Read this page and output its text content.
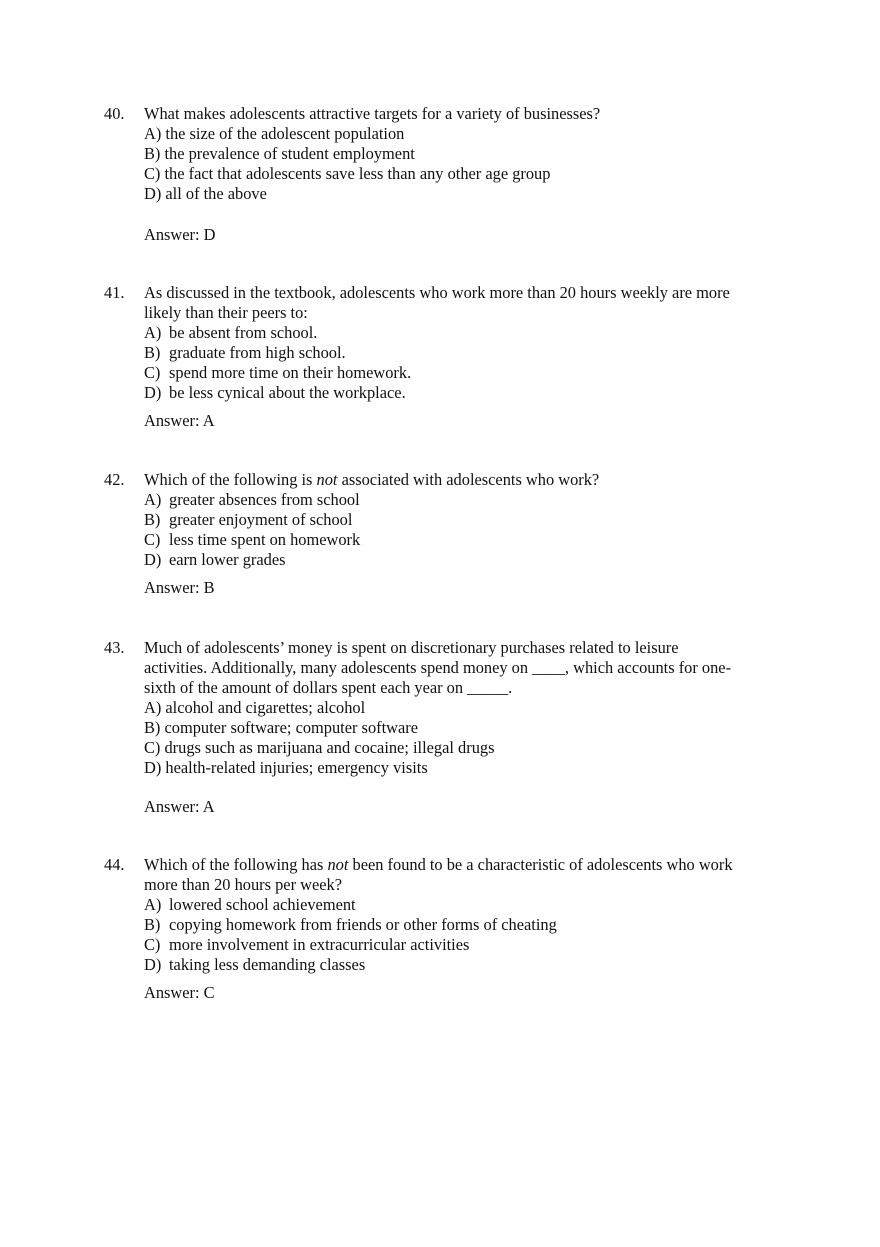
40. What makes adolescents attractive targets for a variety of businesses?
A) the size of the adolescent population
B) the prevalence of student employment
C) the fact that adolescents save less than any other age group
D) all of the above
Answer: D
41. As discussed in the textbook, adolescents who work more than 20 hours weekly are more
likely than their peers to:
A) be absent from school.
B) graduate from high school.
C) spend more time on their homework.
D) be less cynical about the workplace.
Answer: A
42. Which of the following is not associated with adolescents who work?
A) greater absences from school
B) greater enjoyment of school
C) less time spent on homework
D) earn lower grades
Answer: B
43. Much of adolescents’ money is spent on discretionary purchases related to leisure
activities. Additionally, many adolescents spend money on ____, which accounts for one-
sixth of the amount of dollars spent each year on _____.
A) alcohol and cigarettes; alcohol
B) computer software; computer software
C) drugs such as marijuana and cocaine; illegal drugs
D) health-related injuries; emergency visits
Answer: A
44. Which of the following has not been found to be a characteristic of adolescents who work
more than 20 hours per week?
A) lowered school achievement
B) copying homework from friends or other forms of cheating
C) more involvement in extracurricular activities
D) taking less demanding classes
Answer: C
